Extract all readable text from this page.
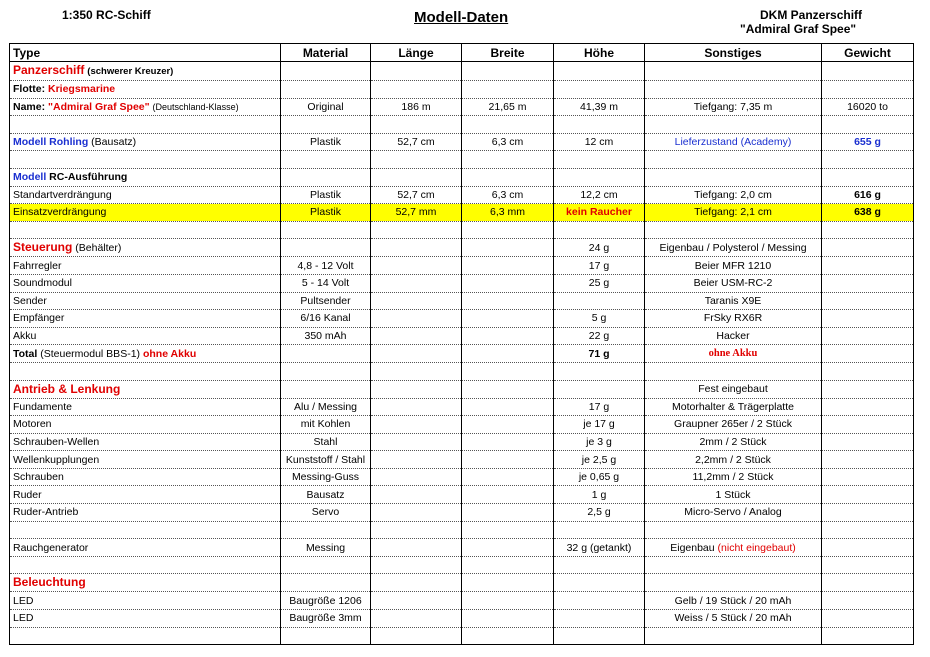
1:350 RC-Schiff	Modell-Daten	DKM Panzerschiff
"Admiral Graf Spee"
Type	Material	Länge	Breite	Höhe	Sonstiges	Gewicht
Panzerschiff (schwerer Kreuzer)						
Flotte: Kriegsmarine						
Name: "Admiral Graf Spee" (Deutschland-Klasse)	Original	186 m	21,65 m	41,39 m	Tiefgang: 7,35 m	16020 to

Modell Rohling (Bausatz)	Plastik	52,7 cm	6,3 cm	12 cm	Lieferzustand (Academy)	655 g

Modell RC-Ausführung						
Standartverdrängung	Plastik	52,7 cm	6,3 cm	12,2 cm	Tiefgang: 2,0 cm	616 g
Einsatzverdrängung	Plastik	52,7 mm	6,3 mm	kein Raucher	Tiefgang: 2,1 cm	638 g

Steuerung (Behälter)				24 g	Eigenbau / Polysterol / Messing	
Fahrregler	4,8 - 12 Volt			17 g	Beier MFR 1210	
Soundmodul	5 - 14 Volt			25 g	Beier USM-RC-2	
Sender	Pultsender				Taranis X9E	
Empfänger	6/16 Kanal			5 g	FrSky RX6R	
Akku	350 mAh			22 g	Hacker	
Total (Steuermodul BBS-1) ohne Akku				71 g	ohne Akku	

Antrieb & Lenkung					Fest eingebaut	
Fundamente	Alu / Messing			17 g	Motorhalter & Trägerplatte	
Motoren	mit Kohlen			je 17 g	Graupner 265er / 2 Stück	
Schrauben-Wellen	Stahl			je 3 g	2mm / 2 Stück	
Wellenkupplungen	Kunststoff / Stahl			je 2,5 g	2,2mm / 2 Stück	
Schrauben	Messing-Guss			je 0,65 g	11,2mm / 2 Stück	
Ruder	Bausatz			1 g	1 Stück	
Ruder-Antrieb	Servo			2,5 g	Micro-Servo / Analog	

Rauchgenerator	Messing			32 g (getankt)	Eigenbau (nicht eingebaut)	

Beleuchtung						
LED	Baugröße 1206				Gelb / 19 Stück / 20 mAh	
LED	Baugröße 3mm				Weiss / 5 Stück / 20 mAh	
